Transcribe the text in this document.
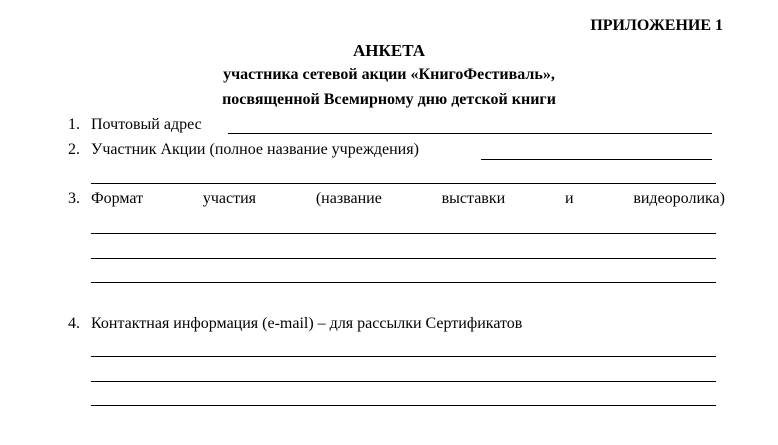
ПРИЛОЖЕНИЕ 1
АНКЕТА
участника сетевой акции «КнигоФестиваль»,
посвященной Всемирному дню детской книги
1. Почтовый адрес
2. Участник Акции (полное название учреждения)
3. Формат	участия	(название	выставки	и	видеоролика)
4. Контактная информация (e-mail) – для рассылки Сертификатов
